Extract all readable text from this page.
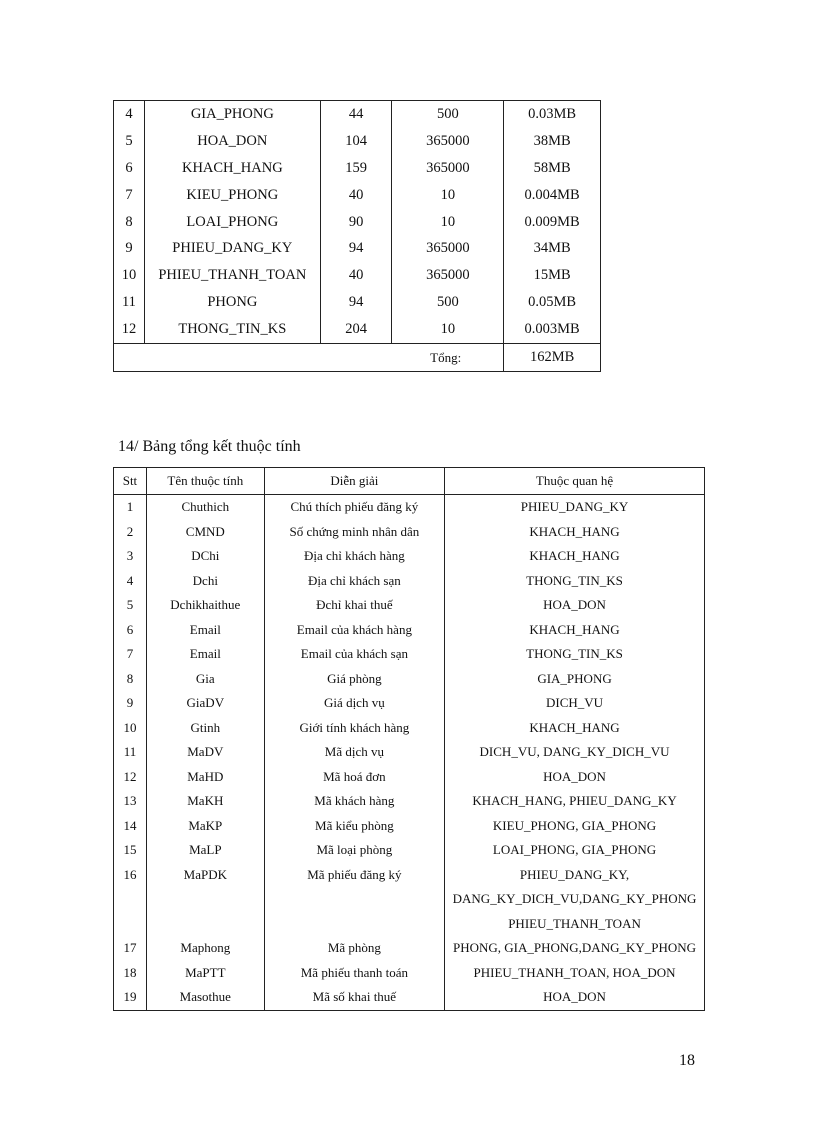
4	GIA_PHONG	44	500	0.03MB
5	HOA_DON	104	365000	38MB
6	KHACH_HANG	159	365000	58MB
7	KIEU_PHONG	40	10	0.004MB
8	LOAI_PHONG	90	10	0.009MB
9	PHIEU_DANG_KY	94	365000	34MB
10	PHIEU_THANH_TOAN	40	365000	15MB
11	PHONG	94	500	0.05MB
12	THONG_TIN_KS	204	10	0.003MB
			Tổng:	162MB
14/ Bảng tổng kết thuộc tính
Stt	Tên thuộc tính	Diễn giải	Thuộc quan hệ
1	Chuthich	Chú thích phiếu đăng ký	PHIEU_DANG_KY
2	CMND	Số chứng minh nhân dân	KHACH_HANG
3	DChi	Địa chỉ khách hàng	KHACH_HANG
4	Dchi	Địa chỉ khách sạn	THONG_TIN_KS
5	Dchikhaithue	Đchỉ khai thuế	HOA_DON
6	Email	Email của khách hàng	KHACH_HANG
7	Email	Email của khách sạn	THONG_TIN_KS
8	Gia	Giá phòng	GIA_PHONG
9	GiaDV	Giá dịch vụ	DICH_VU
10	Gtinh	Giới tính khách hàng	KHACH_HANG
11	MaDV	Mã dịch vụ	DICH_VU, DANG_KY_DICH_VU
12	MaHD	Mã hoá đơn	HOA_DON
13	MaKH	Mã khách hàng	KHACH_HANG, PHIEU_DANG_KY
14	MaKP	Mã kiểu phòng	KIEU_PHONG, GIA_PHONG
15	MaLP	Mã loại phòng	LOAI_PHONG, GIA_PHONG
16	MaPDK	Mã phiếu đăng ký	PHIEU_DANG_KY,
			DANG_KY_DICH_VU,DANG_KY_PHONG
			PHIEU_THANH_TOAN
17	Maphong	Mã phòng	PHONG, GIA_PHONG,DANG_KY_PHONG
18	MaPTT	Mã phiếu thanh toán	PHIEU_THANH_TOAN, HOA_DON
19	Masothue	Mã số khai thuế	HOA_DON
18
